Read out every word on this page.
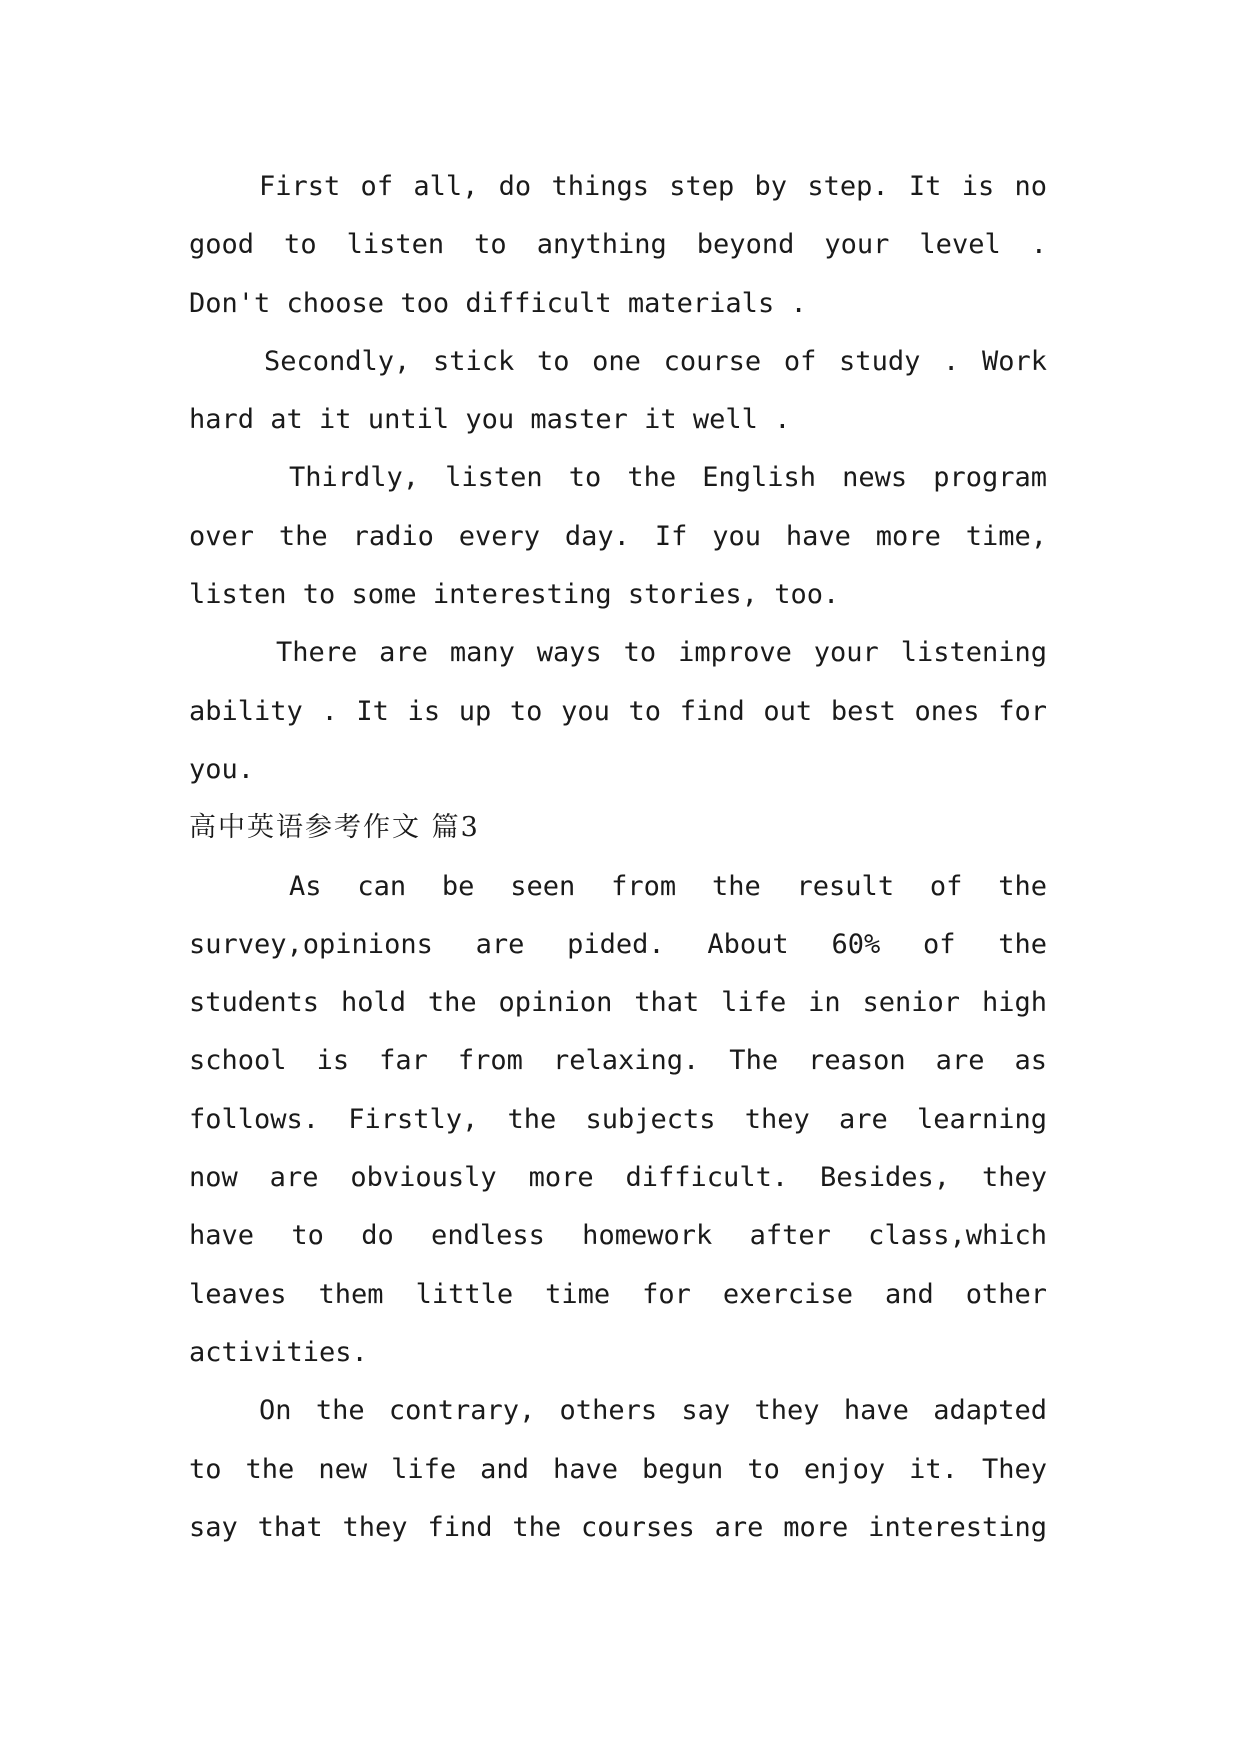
First of all, do things step by step. It is no
good to listen to anything beyond your level .
Don't choose too difficult materials .

Secondly, stick to one course of study . Work
hard at it until you master it well .

Thirdly, listen to the English news program
over the radio every day. If you have more time,
listen to some interesting stories, too.

There are many ways to improve your listening
ability . It is up to you to find out best ones for
you.

高中英语参考作文 篇3

As can be seen from the result of the
survey,opinions are pided. About 60% of the
students hold the opinion that life in senior high
school is far from relaxing. The reason are as
follows. Firstly, the subjects they are learning
now are obviously more difficult. Besides, they
have to do endless homework after class,which
leaves them little time for exercise and other
activities.

On the contrary, others say they have adapted
to the new life and have begun to enjoy it. They
say that they find the courses are more interesting
